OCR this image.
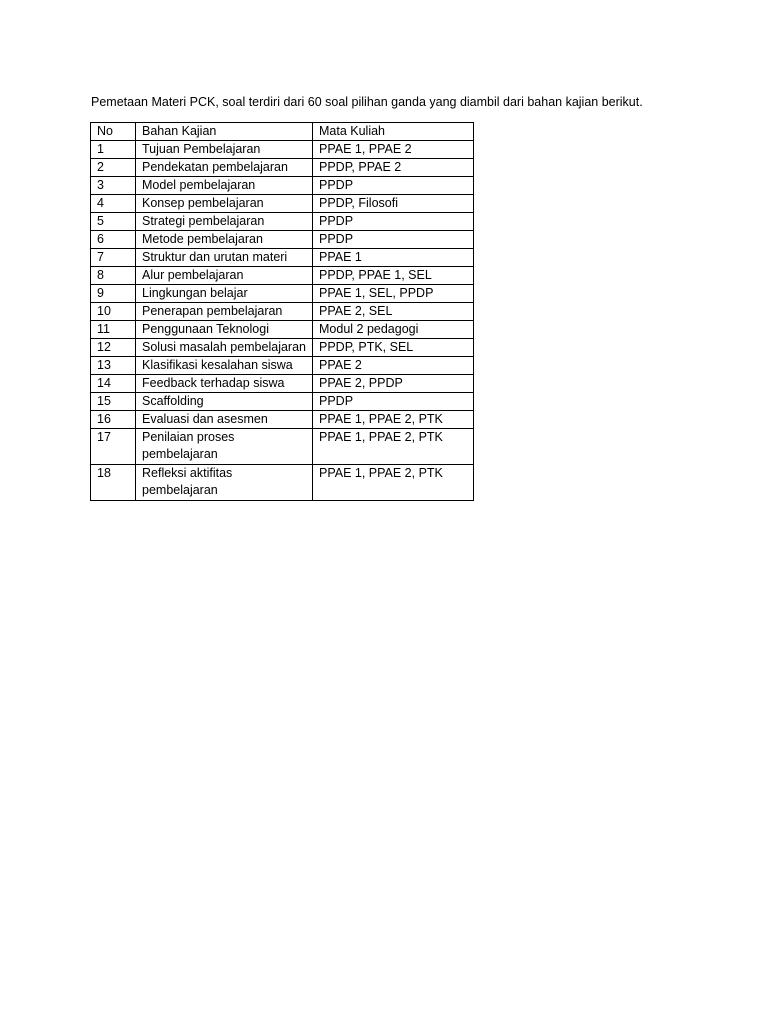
Pemetaan Materi PCK, soal terdiri dari 60 soal pilihan ganda yang diambil dari bahan kajian berikut.
No	Bahan Kajian	Mata Kuliah
1	Tujuan Pembelajaran	PPAE 1, PPAE 2
2	Pendekatan pembelajaran	PPDP, PPAE 2
3	Model pembelajaran	PPDP
4	Konsep pembelajaran	PPDP, Filosofi
5	Strategi pembelajaran	PPDP
6	Metode pembelajaran	PPDP
7	Struktur dan urutan materi	PPAE 1
8	Alur pembelajaran	PPDP, PPAE 1, SEL
9	Lingkungan belajar	PPAE 1, SEL, PPDP
10	Penerapan pembelajaran	PPAE 2, SEL
11	Penggunaan Teknologi	Modul 2 pedagogi
12	Solusi masalah pembelajaran	PPDP, PTK, SEL
13	Klasifikasi kesalahan siswa	PPAE 2
14	Feedback terhadap siswa	PPAE 2, PPDP
15	Scaffolding	PPDP
16	Evaluasi dan asesmen	PPAE 1, PPAE 2, PTK
17	Penilaian proses pembelajaran	PPAE 1, PPAE 2, PTK
18	Refleksi aktifitas pembelajaran	PPAE 1, PPAE 2, PTK
